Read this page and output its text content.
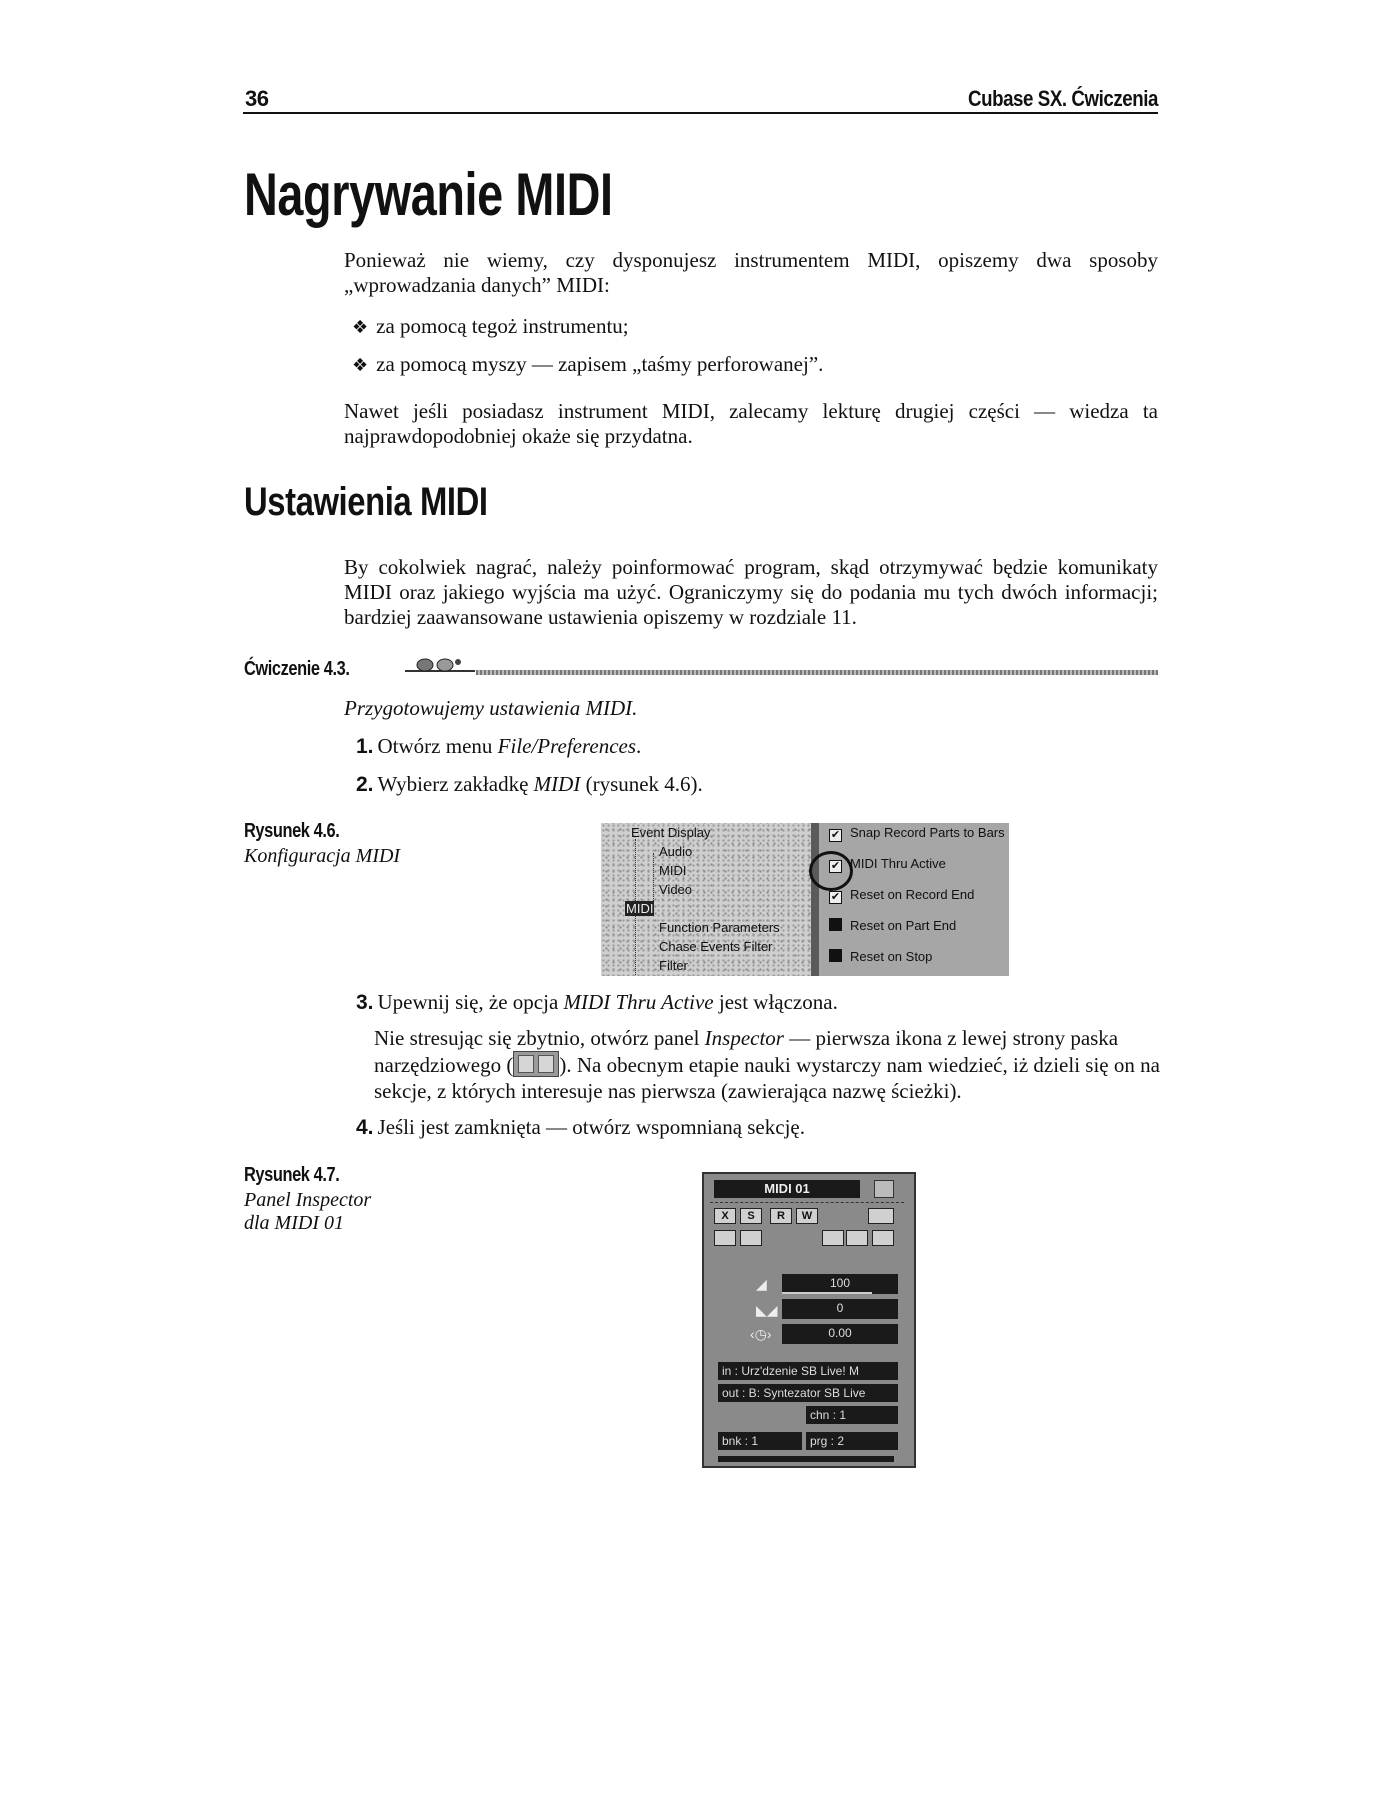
36	Cubase SX. Ćwiczenia
Nagrywanie MIDI
Ponieważ nie wiemy, czy dysponujesz instrumentem MIDI, opiszemy dwa sposoby „wprowadzania danych” MIDI:
❖ za pomocą tegoż instrumentu;
❖ za pomocą myszy — zapisem „taśmy perforowanej”.
Nawet jeśli posiadasz instrument MIDI, zalecamy lekturę drugiej części — wiedza ta najprawdopodobniej okaże się przydatna.
Ustawienia MIDI
By cokolwiek nagrać, należy poinformować program, skąd otrzymywać będzie komunikaty MIDI oraz jakiego wyjścia ma użyć. Ograniczymy się do podania mu tych dwóch informacji; bardziej zaawansowane ustawienia opiszemy w rozdziale 11.
Ćwiczenie 4.3.
Przygotowujemy ustawienia MIDI.
1. Otwórz menu File/Preferences.
2. Wybierz zakładkę MIDI (rysunek 4.6).
Rysunek 4.6.
Konfiguracja MIDI
Event Display
Audio
MIDI
Video
MIDI
Function Parameters
Chase Events Filter
Filter
✔ Snap Record Parts to Bars
✔ MIDI Thru Active
✔ Reset on Record End
Reset on Part End
Reset on Stop
3. Upewnij się, że opcja MIDI Thru Active jest włączona.
Nie stresując się zbytnio, otwórz panel Inspector — pierwsza ikona z lewej strony paska narzędziowego ( ). Na obecnym etapie nauki wystarczy nam wiedzieć, iż dzieli się on na sekcje, z których interesuje nas pierwsza (zawierająca nazwę ścieżki).
4. Jeśli jest zamknięta — otwórz wspomnianą sekcję.
Rysunek 4.7.
Panel Inspector
dla MIDI 01
MIDI 01
X	S	R	W
◢	100
◣◢	0
‹◷›	0.00
in : Urz'dzenie SB Live! M
out : B: Syntezator SB Live
chn : 1
bnk : 1	prg : 2
